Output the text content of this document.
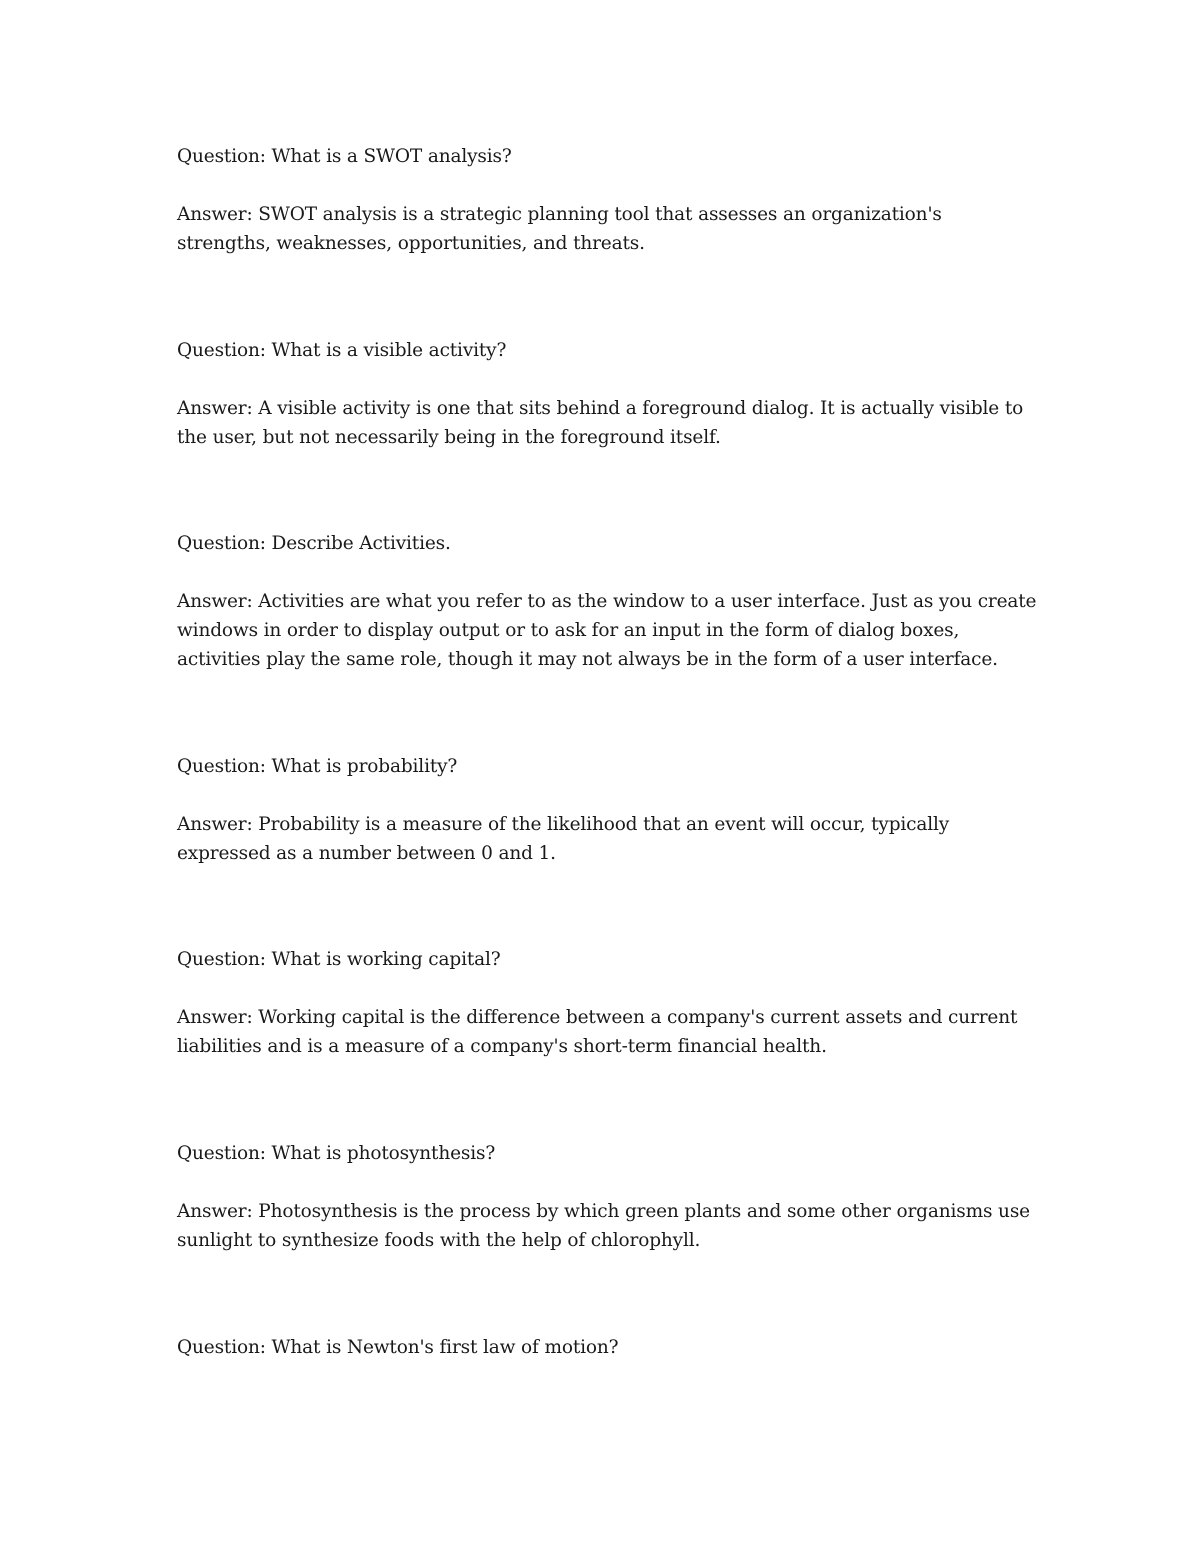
Question: What is a SWOT analysis?

Answer: SWOT analysis is a strategic planning tool that assesses an organization's strengths, weaknesses, opportunities, and threats.

Question: What is a visible activity?

Answer: A visible activity is one that sits behind a foreground dialog. It is actually visible to the user, but not necessarily being in the foreground itself.

Question: Describe Activities.

Answer: Activities are what you refer to as the window to a user interface. Just as you create windows in order to display output or to ask for an input in the form of dialog boxes, activities play the same role, though it may not always be in the form of a user interface.

Question: What is probability?

Answer: Probability is a measure of the likelihood that an event will occur, typically expressed as a number between 0 and 1.

Question: What is working capital?

Answer: Working capital is the difference between a company's current assets and current liabilities and is a measure of a company's short-term financial health.

Question: What is photosynthesis?

Answer: Photosynthesis is the process by which green plants and some other organisms use sunlight to synthesize foods with the help of chlorophyll.

Question: What is Newton's first law of motion?
